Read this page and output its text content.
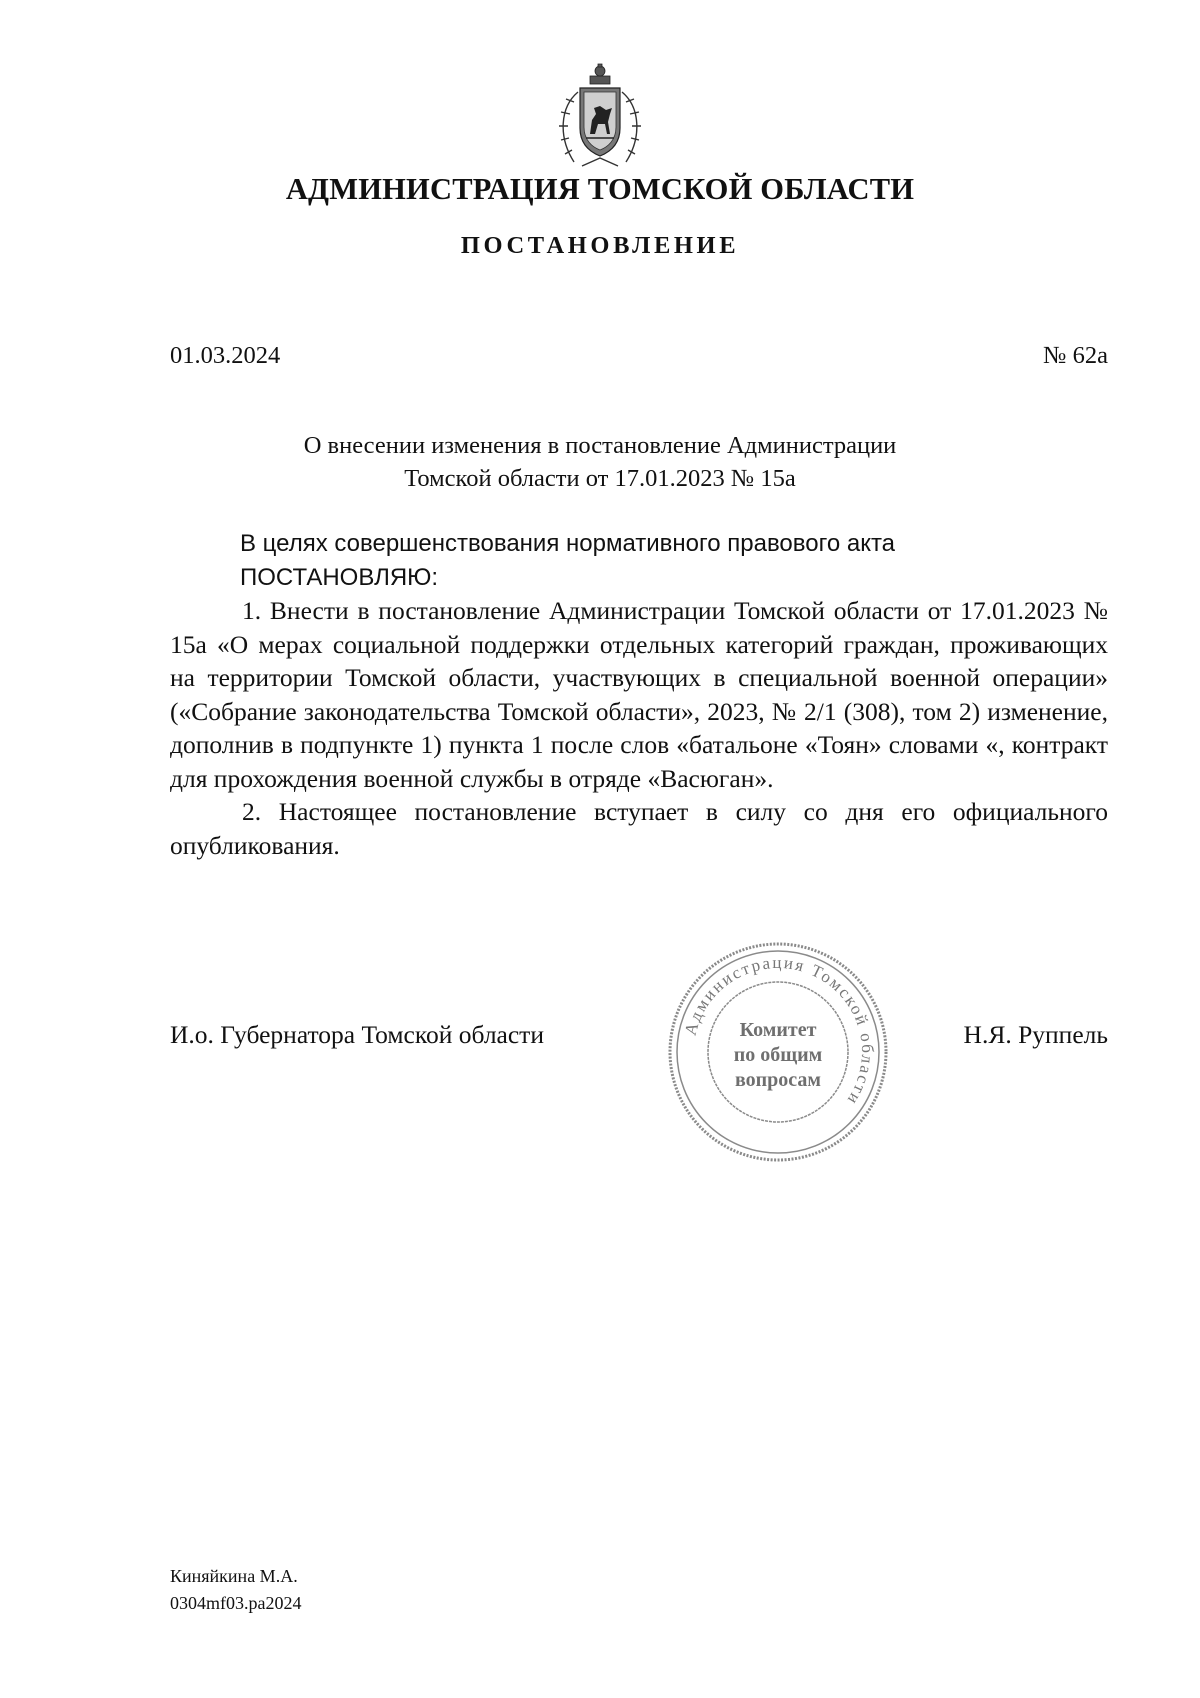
АДМИНИСТРАЦИЯ ТОМСКОЙ ОБЛАСТИ
ПОСТАНОВЛЕНИЕ
01.03.2024	№ 62а
О внесении изменения в постановление Администрации
Томской области от 17.01.2023 № 15а

В целях совершенствования нормативного правового акта

ПОСТАНОВЛЯЮ:

1. Внести в постановление Администрации Томской области от 17.01.2023 № 15а «О мерах социальной поддержки отдельных категорий граждан, проживающих на территории Томской области, участвующих в специальной военной операции» («Собрание законодательства Томской области», 2023, № 2/1 (308), том 2) изменение, дополнив в подпункте 1) пункта 1 после слов «батальоне «Тоян» словами «, контракт для прохождения военной службы в отряде «Васюган».

2. Настоящее постановление вступает в силу со дня его официального опубликования.

И.о. Губернатора Томской области	Н.Я. Руппель
Администрация Томской области
Комитет
по общим
вопросам
Киняйкина М.А.
0304mf03.ра2024
